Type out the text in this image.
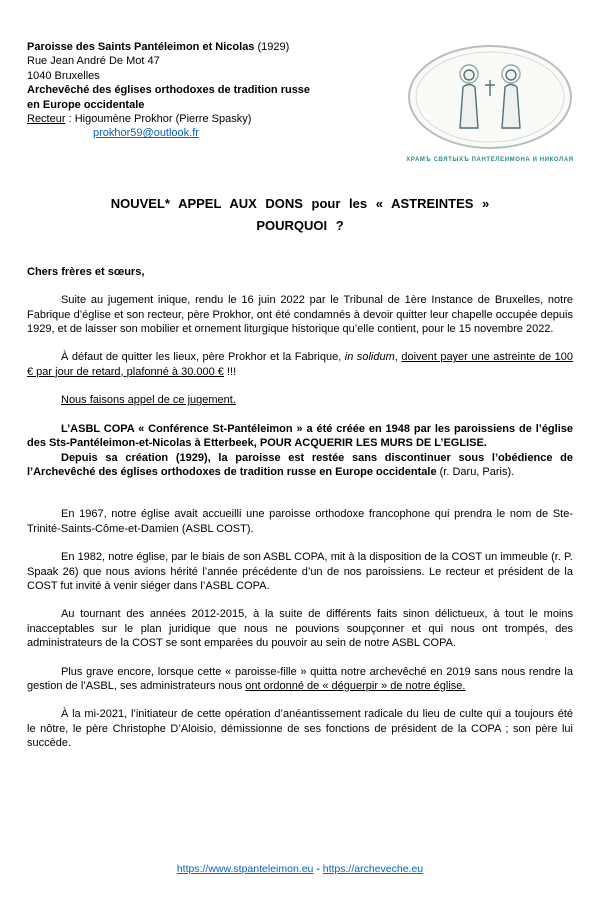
Paroisse des Saints Pantéleimon et Nicolas (1929)
Rue Jean André De Mot 47
1040 Bruxelles
Archevêché des églises orthodoxes de tradition russe
en Europe occidentale
Recteur : Higoumène Prokhor (Pierre Spasky)
prokhor59@outlook.fr
ХРАМЪ СВЯТЫХЪ ПАНТЕЛЕИМОНА И НИКОЛАЯ
NOUVEL* APPEL AUX DONS pour les « ASTREINTES »
POURQUOI ?

Chers frères et sœurs,

Suite au jugement inique, rendu le 16 juin 2022 par le Tribunal de 1ère Instance de Bruxelles, notre Fabrique d’église et son recteur, père Prokhor, ont été condamnés à devoir quitter leur chapelle occupée depuis 1929, et de laisser son mobilier et ornement liturgique historique qu’elle contient, pour le 15 novembre 2022.

À défaut de quitter les lieux, père Prokhor et la Fabrique, in solidum, doivent payer une astreinte de 100 € par jour de retard, plafonné à 30.000 € !!!

Nous faisons appel de ce jugement.

L’ASBL COPA « Conférence St-Pantéleimon » a été créée en 1948 par les paroissiens de l’église des Sts-Pantéleimon-et-Nicolas à Etterbeek, POUR ACQUERIR LES MURS DE L’EGLISE.

Depuis sa création (1929), la paroisse est restée sans discontinuer sous l’obédience de l’Archevêché des églises orthodoxes de tradition russe en Europe occidentale (r. Daru, Paris).

En 1967, notre église avait accueilli une paroisse orthodoxe francophone qui prendra le nom de Ste-Trinité-Saints-Côme-et-Damien (ASBL COST).

En 1982, notre église, par le biais de son ASBL COPA, mit à la disposition de la COST un immeuble (r. P. Spaak 26) que nous avions hérité l’année précédente d’un de nos paroissiens. Le recteur et président de la COST fut invité à venir siéger dans l’ASBL COPA.

Au tournant des années 2012-2015, à la suite de différents faits sinon délictueux, à tout le moins inacceptables sur le plan juridique que nous ne pouvions soupçonner et qui nous ont trompés, des administrateurs de la COST se sont emparées du pouvoir au sein de notre ASBL COPA.

Plus grave encore, lorsque cette « paroisse-fille » quitta notre archevêché en 2019 sans nous rendre la gestion de l’ASBL, ses administrateurs nous ont ordonné de « déguerpir » de notre église.

À la mi-2021, l’initiateur de cette opération d’anéantissement radicale du lieu de culte qui a toujours été le nôtre, le père Christophe D’Aloisio, démissionne de ses fonctions de président de la COPA ; son père lui succède.

https://www.stpanteleimon.eu - https://archeveche.eu
